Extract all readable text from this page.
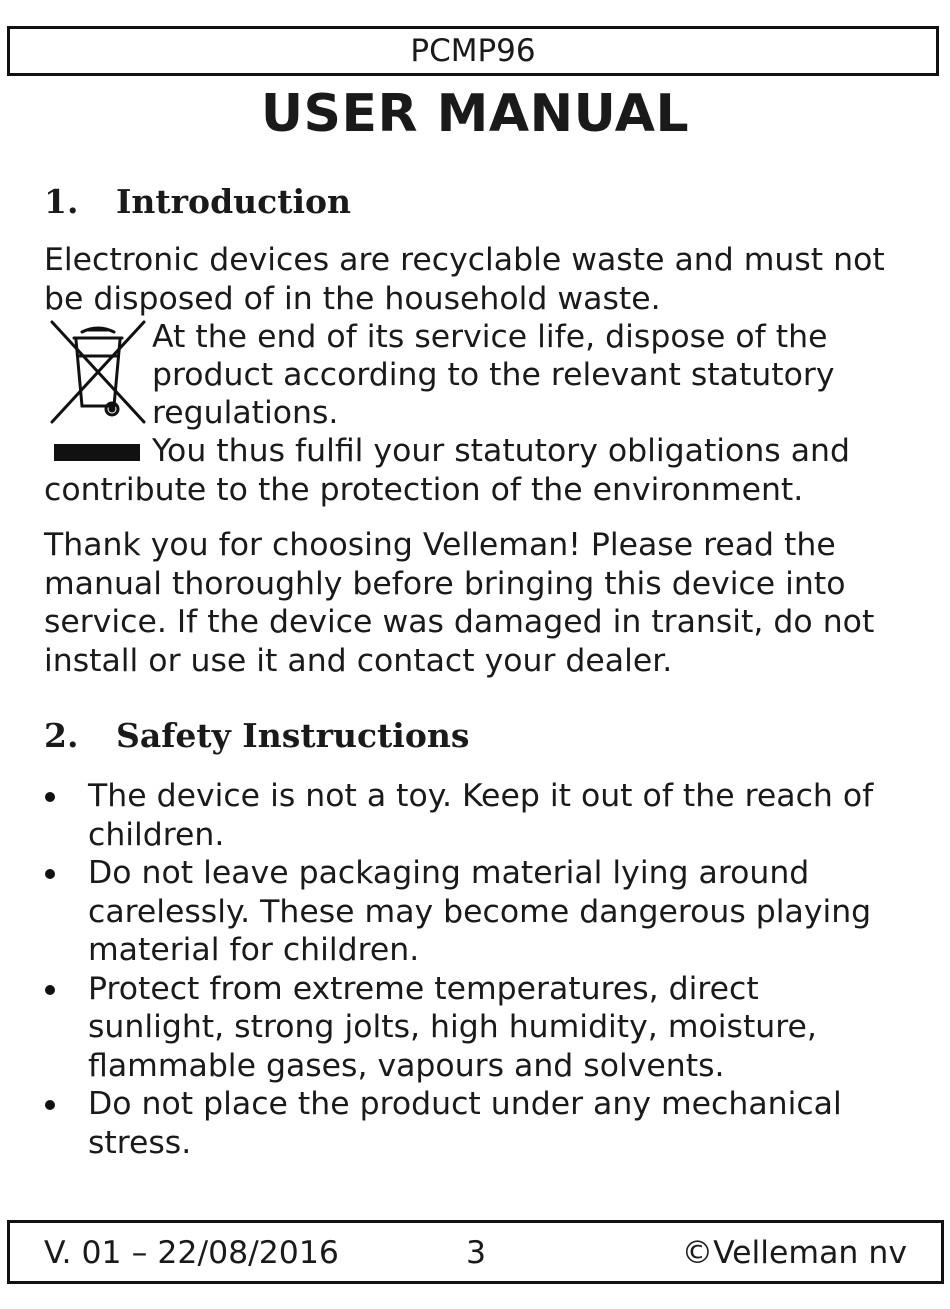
PCMP96
USER MANUAL
1. Introduction
Electronic devices are recyclable waste and must not
be disposed of in the household waste.
At the end of its service life, dispose of the
product according to the relevant statutory
regulations.
You thus fulfil your statutory obligations and
contribute to the protection of the environment.
Thank you for choosing Velleman! Please read the
manual thoroughly before bringing this device into
service. If the device was damaged in transit, do not
install or use it and contact your dealer.
2. Safety Instructions
The device is not a toy. Keep it out of the reach of
children.
Do not leave packaging material lying around
carelessly. These may become dangerous playing
material for children.
Protect from extreme temperatures, direct
sunlight, strong jolts, high humidity, moisture,
flammable gases, vapours and solvents.
Do not place the product under any mechanical
stress.
V. 01 – 22/08/2016	3	©Velleman nv
